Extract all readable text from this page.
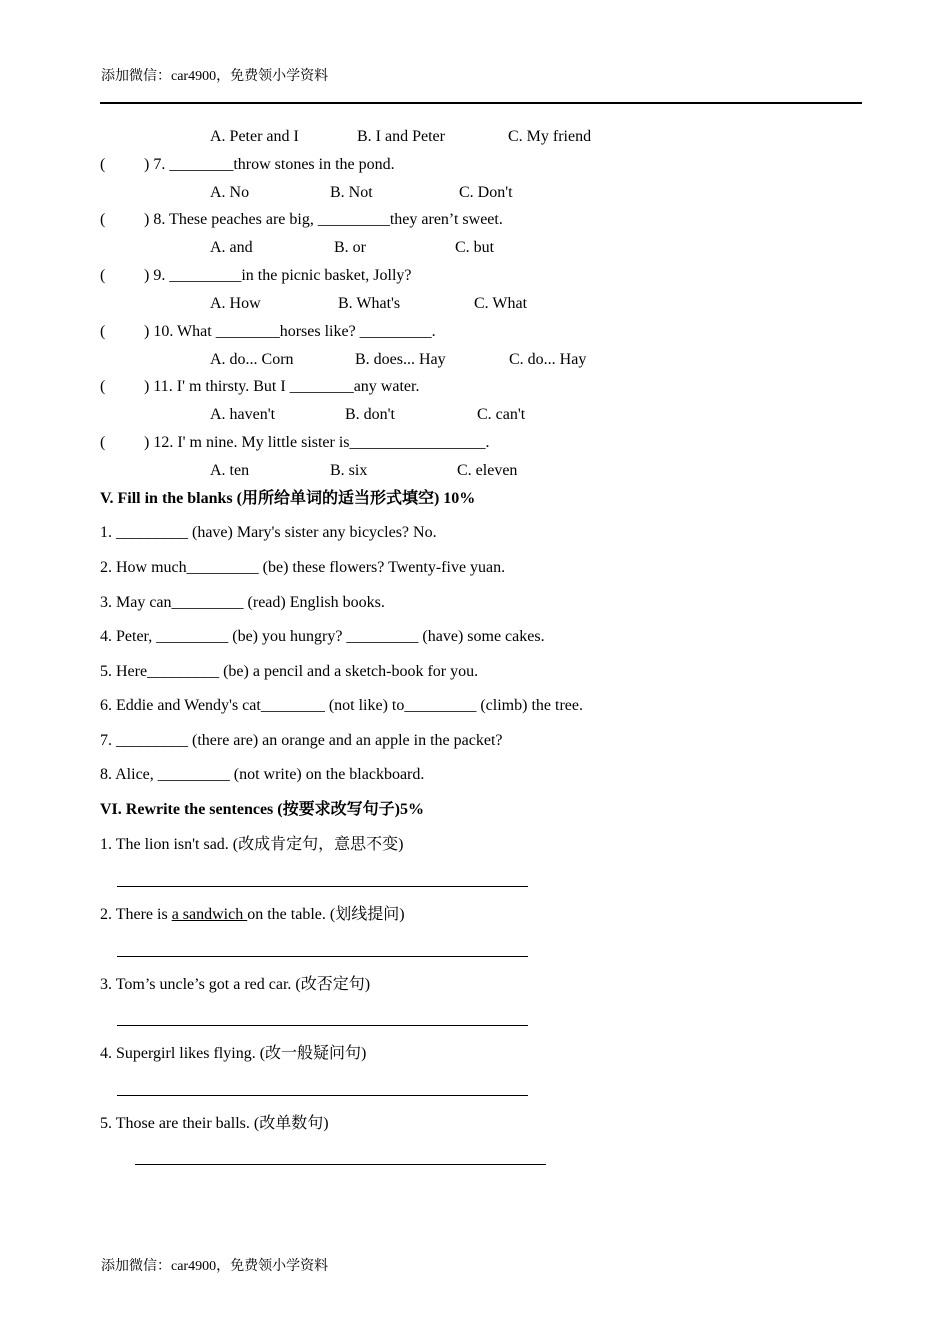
添加微信：car4900，免费领小学资料
A. Peter and I	B. I and Peter	C. My friend
( ) 7. ________throw stones in the pond.
A. No	B. Not	C. Don't
( ) 8. These peaches are big, _________they aren’t sweet.
A. and	B. or	C. but
( ) 9. _________in the picnic basket, Jolly?
A. How	B. What's	C. What
( ) 10. What ________horses like? _________.
A. do... Corn	B. does... Hay	C. do... Hay
( ) 11. I' m thirsty. But I ________any water.
A. haven't	B. don't	C. can't
( ) 12. I' m nine. My little sister is_________________.
A. ten	B. six	C. eleven
V. Fill in the blanks (用所给单词的适当形式填空) 10%
1. _________ (have) Mary's sister any bicycles? No.
2. How much_________ (be) these flowers? Twenty-five yuan.
3. May can_________ (read) English books.
4. Peter, _________ (be) you hungry? _________ (have) some cakes.
5. Here_________ (be) a pencil and a sketch-book for you.
6. Eddie and Wendy's cat________ (not like) to_________ (climb) the tree.
7. _________ (there are) an orange and an apple in the packet?
8. Alice, _________ (not write) on the blackboard.
VI. Rewrite the sentences (按要求改写句子)5%
1. The lion isn't sad. (改成肯定句，意思不变)
2. There is a sandwich on the table. (划线提问)
3. Tom’s uncle’s got a red car. (改否定句)
4. Supergirl likes flying. (改一般疑问句)
5. Those are their balls. (改单数句)
添加微信：car4900，免费领小学资料
